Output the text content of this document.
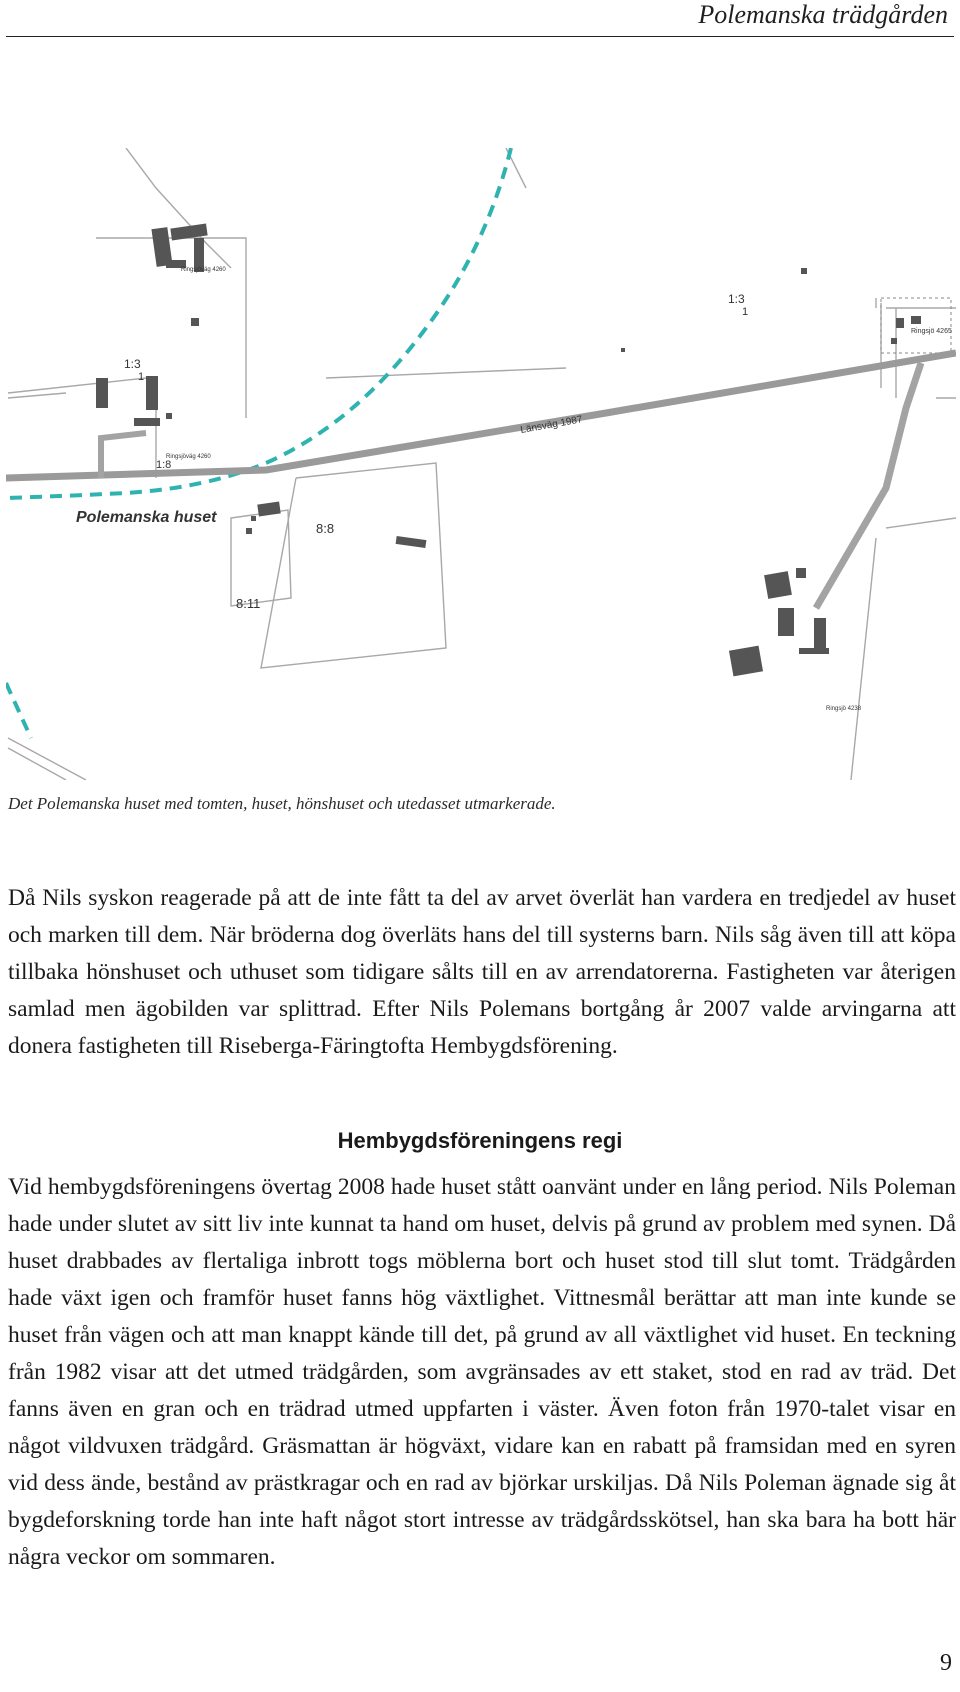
Polemanska trädgården
Polemanska huset
Länsväg 1987
8:8
8:11
1:3
1
1:3
1
1:8
Ringsjöväg 4260
Ringsjöväg 4260
Ringsjö 4265
Ringsjö 4238
Det Polemanska huset med tomten, huset, hönshuset och utedasset utmarkerade.

Då Nils syskon reagerade på att de inte fått ta del av arvet överlät han vardera en tredjedel av huset och marken till dem. När bröderna dog överläts hans del till systerns barn. Nils såg även till att köpa tillbaka hönshuset och uthuset som tidigare sålts till en av arrendatorerna. Fastigheten var återigen samlad men ägobilden var splittrad. Efter Nils Polemans bortgång år 2007 valde arvingarna att donera fastigheten till Riseberga-Färingtofta Hembygdsförening.

Hembygdsföreningens regi

Vid hembygdsföreningens övertag 2008 hade huset stått oanvänt under en lång period. Nils Poleman hade under slutet av sitt liv inte kunnat ta hand om huset, delvis på grund av problem med synen. Då huset drabbades av flertaliga inbrott togs möblerna bort och huset stod till slut tomt. Trädgården hade växt igen och framför huset fanns hög växtlighet. Vittnesmål berättar att man inte kunde se huset från vägen och att man knappt kände till det, på grund av all växtlighet vid huset. En teckning från 1982 visar att det utmed trädgården, som avgränsades av ett staket, stod en rad av träd. Det fanns även en gran och en trädrad utmed uppfarten i väster. Även foton från 1970-talet visar en något vildvuxen trädgård. Gräsmattan är högväxt, vidare kan en rabatt på framsidan med en syren vid dess ände, bestånd av prästkragar och en rad av björkar urskiljas. Då Nils Poleman ägnade sig åt bygdeforskning torde han inte haft något stort intresse av trädgårdsskötsel, han ska bara ha bott här några veckor om sommaren.

9
